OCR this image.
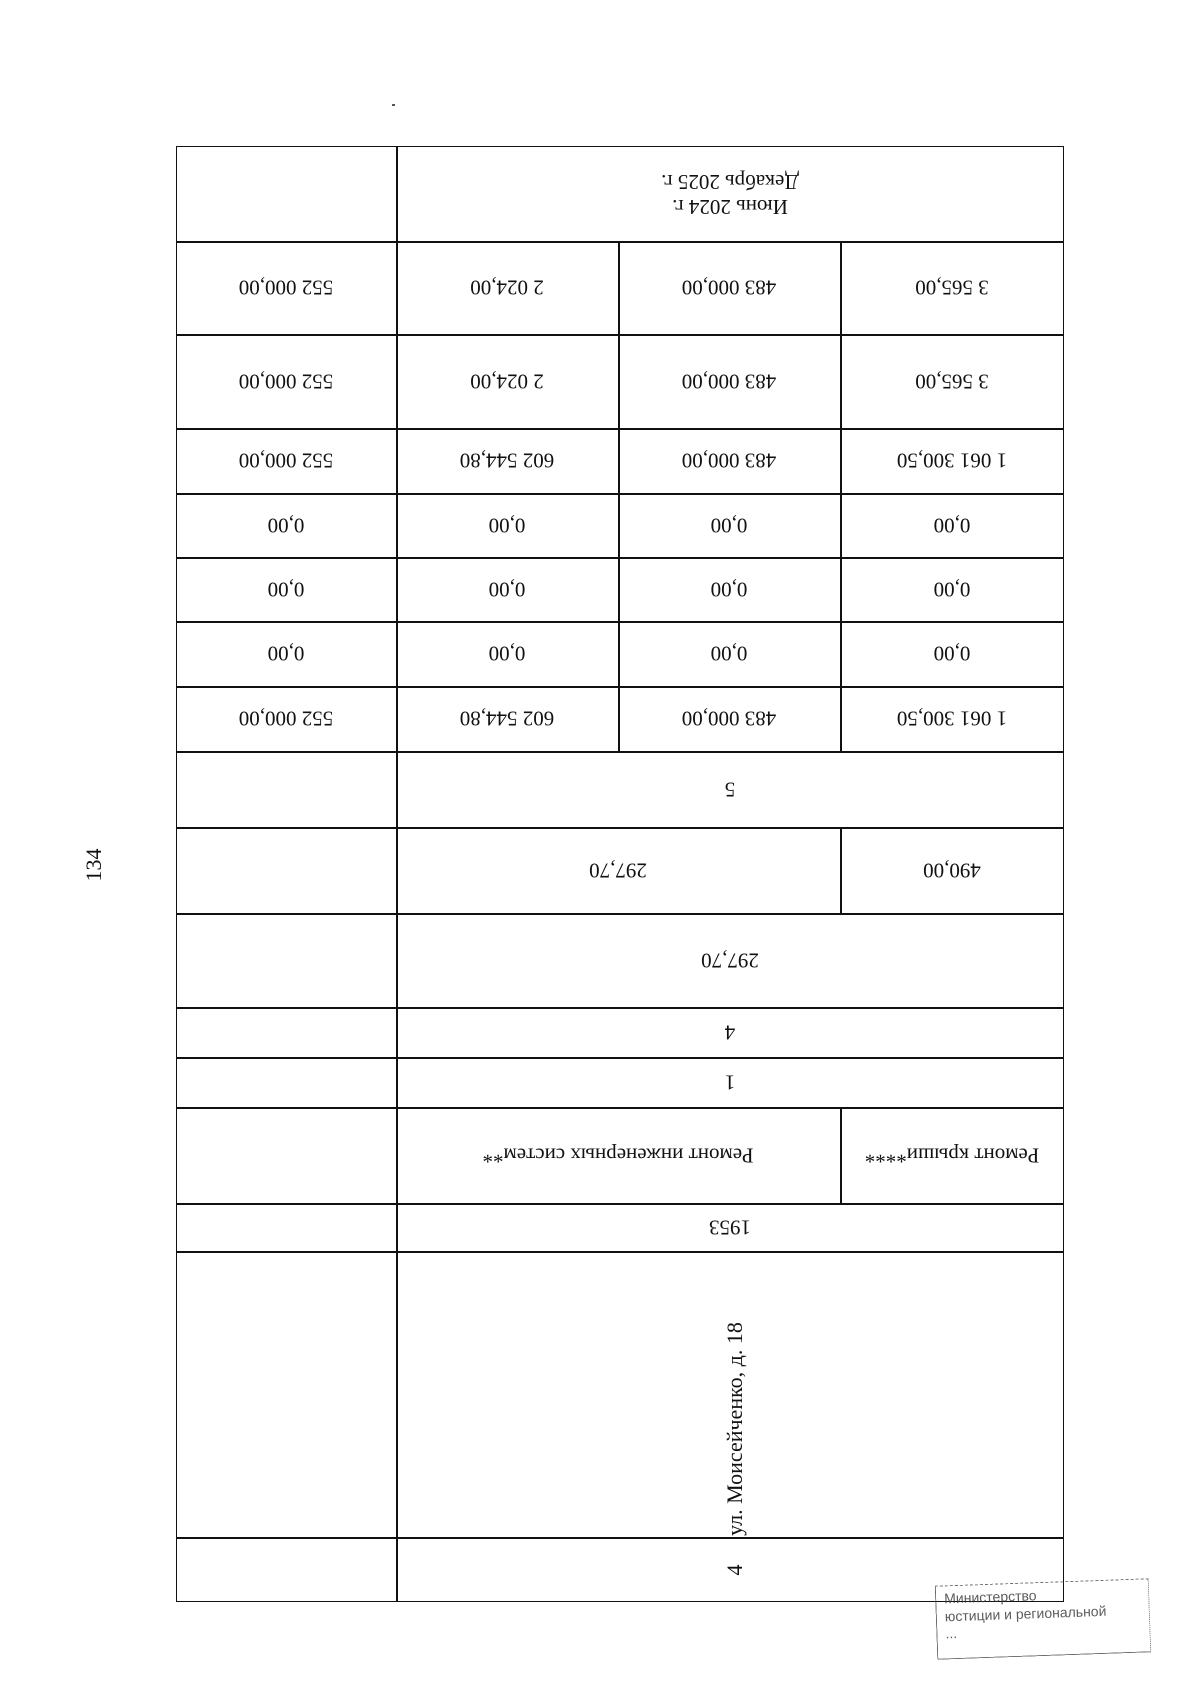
134
Июнь 2024 г.
Декабрь 2025 г.
3 565,00
483 000,00
2 024,00
552 000,00
3 565,00
483 000,00
2 024,00
552 000,00
1 061 300,50
483 000,00
602 544,80
552 000,00
0,00
0,00
0,00
0,00
0,00
0,00
0,00
0,00
0,00
0,00
0,00
0,00
1 061 300,50
483 000,00
602 544,80
552 000,00
5
490,00
297,70
297,70
4
1
Ремонт крыши****
Ремонт инженерных систем**
1953
ул. Моисейченко, д. 18
4
Министерство
юстиции и региональной
...
